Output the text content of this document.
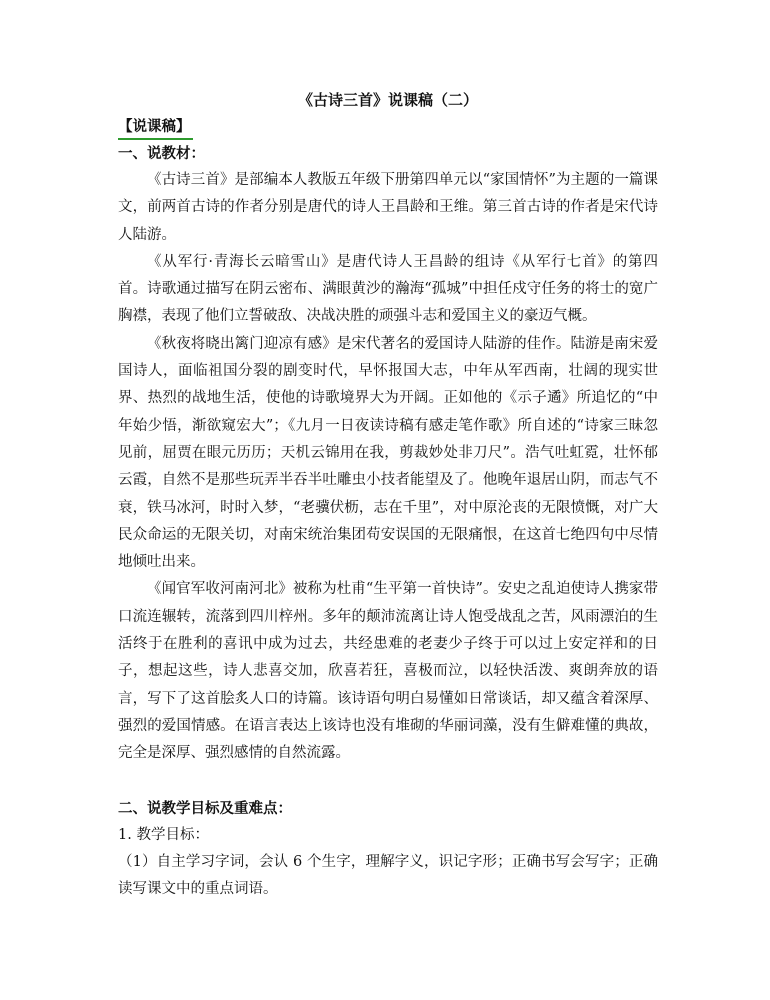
《古诗三首》说课稿（二）

【说课稿】

一、说教材：

《古诗三首》是部编本人教版五年级下册第四单元以“家国情怀”为主题的一篇课文，前两首古诗的作者分别是唐代的诗人王昌龄和王维。第三首古诗的作者是宋代诗人陆游。

《从军行·青海长云暗雪山》是唐代诗人王昌龄的组诗《从军行七首》的第四首。诗歌通过描写在阴云密布、满眼黄沙的瀚海“孤城”中担任戍守任务的将士的宽广胸襟，表现了他们立誓破敌、决战决胜的顽强斗志和爱国主义的豪迈气概。

《秋夜将晓出篱门迎凉有感》是宋代著名的爱国诗人陆游的佳作。陆游是南宋爱国诗人，面临祖国分裂的剧变时代，早怀报国大志，中年从军西南，壮阔的现实世界、热烈的战地生活，使他的诗歌境界大为开阔。正如他的《示子遹》所追忆的“中年始少悟，渐欲窥宏大”；《九月一日夜读诗稿有感走笔作歌》所自述的“诗家三昧忽见前，屈贾在眼元历历；天机云锦用在我，剪裁妙处非刀尺”。浩气吐虹霓，壮怀郁云霞，自然不是那些玩弄半吞半吐雕虫小技者能望及了。他晚年退居山阴，而志气不衰，铁马冰河，时时入梦，“老骥伏枥，志在千里”，对中原沦丧的无限愤慨，对广大民众命运的无限关切，对南宋统治集团苟安误国的无限痛恨，在这首七绝四句中尽情地倾吐出来。

《闻官军收河南河北》被称为杜甫“生平第一首快诗”。安史之乱迫使诗人携家带口流连辗转，流落到四川梓州。多年的颠沛流离让诗人饱受战乱之苦，风雨漂泊的生活终于在胜利的喜讯中成为过去，共经患难的老妻少子终于可以过上安定祥和的日子，想起这些，诗人悲喜交加，欣喜若狂，喜极而泣，以轻快活泼、爽朗奔放的语言，写下了这首脍炙人口的诗篇。该诗语句明白易懂如日常谈话，却又蕴含着深厚、强烈的爱国情感。在语言表达上该诗也没有堆砌的华丽词藻，没有生僻难懂的典故，完全是深厚、强烈感情的自然流露。

二、说教学目标及重难点：

1. 教学目标：

（1）自主学习字词，会认 6 个生字，理解字义，识记字形；正确书写会写字；正确读写课文中的重点词语。
